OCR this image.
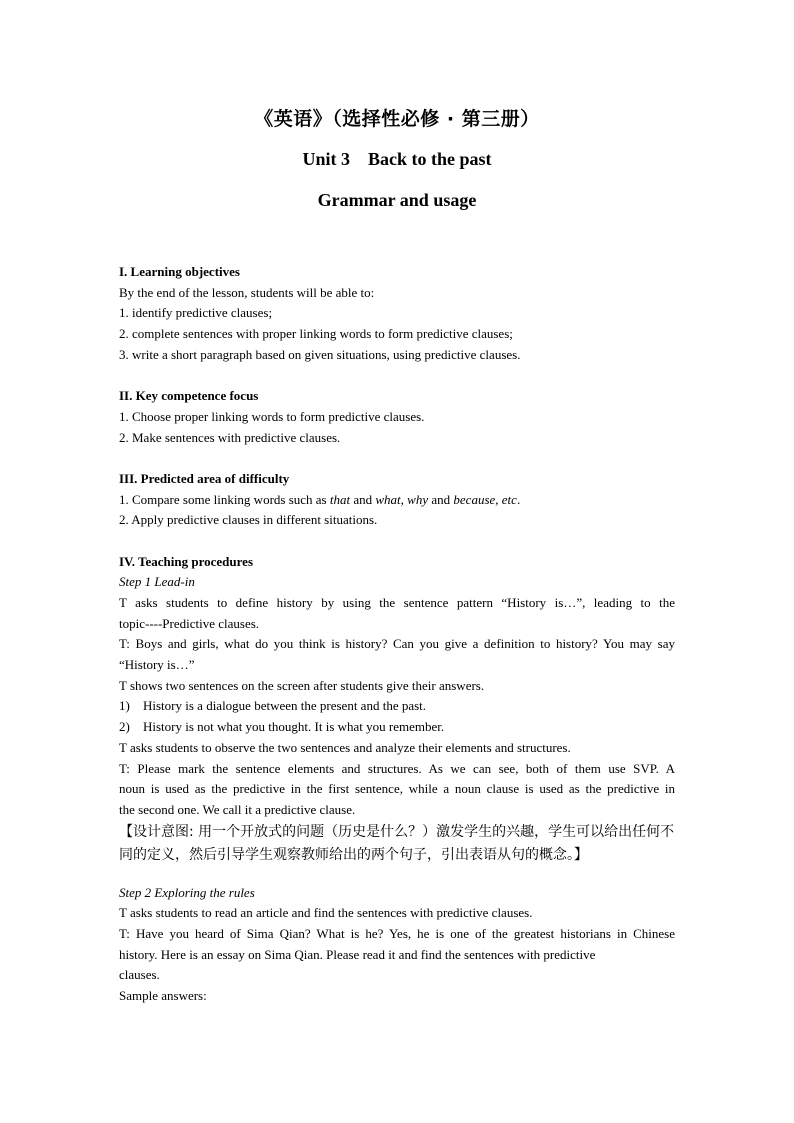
《英语》（选择性必修 · 第三册）
Unit 3    Back to the past
Grammar and usage
I. Learning objectives
By the end of the lesson, students will be able to:
1. identify predictive clauses;
2. complete sentences with proper linking words to form predictive clauses;
3. write a short paragraph based on given situations, using predictive clauses.
II. Key competence focus
1. Choose proper linking words to form predictive clauses.
2. Make sentences with predictive clauses.
III. Predicted area of difficulty
1. Compare some linking words such as that and what, why and because, etc.
2. Apply predictive clauses in different situations.
IV. Teaching procedures
Step 1 Lead-in
T asks students to define history by using the sentence pattern “History is…”, leading to the
topic----Predictive clauses.
T: Boys and girls, what do you think is history? Can you give a definition to history? You may say
“History is…”
T shows two sentences on the screen after students give their answers.
1) History is a dialogue between the present and the past.
2) History is not what you thought. It is what you remember.
T asks students to observe the two sentences and analyze their elements and structures.
T: Please mark the sentence elements and structures. As we can see, both of them use SVP. A
noun is used as the predictive in the first sentence, while a noun clause is used as the predictive in
the second one. We call it a predictive clause.
【设计意图: 用一个开放式的问题（历史是什么？）激发学生的兴趣，学生可以给出任何不
同的定义，然后引导学生观察教师给出的两个句子，引出表语从句的概念。】
Step 2 Exploring the rules
T asks students to read an article and find the sentences with predictive clauses.
T: Have you heard of Sima Qian? What is he? Yes, he is one of the greatest historians in Chinese
history. Here is an essay on Sima Qian. Please read it and find the sentences with predictive
clauses.
Sample answers:
